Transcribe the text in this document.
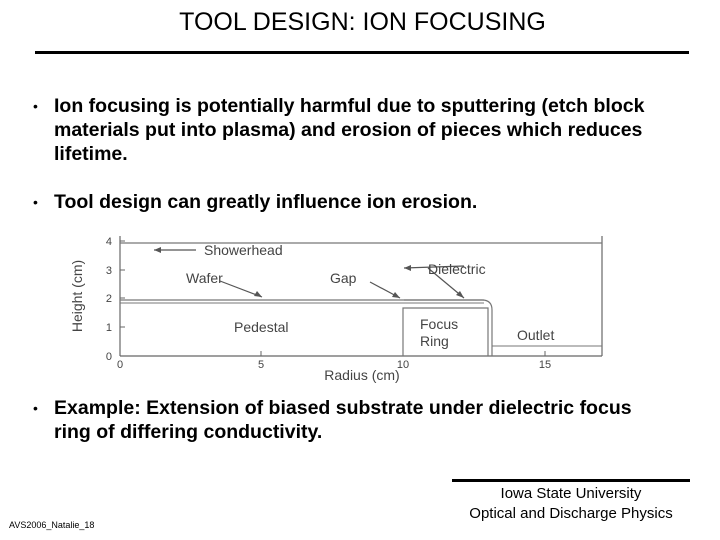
TOOL DESIGN: ION FOCUSING
• Ion focusing is potentially harmful due to sputtering (etch block materials put into plasma) and erosion of pieces which reduces lifetime.
• Tool design can greatly influence ion erosion.
0
1
2
3
4
0	5	10	15
Height (cm)
Radius (cm)
Showerhead
Wafer	Gap
Dielectric
Pedestal	Focus
Ring	Outlet
• Example: Extension of biased substrate under dielectric focus ring of differing conductivity.
Iowa State University
Optical and Discharge Physics
AVS2006_Natalie_18
